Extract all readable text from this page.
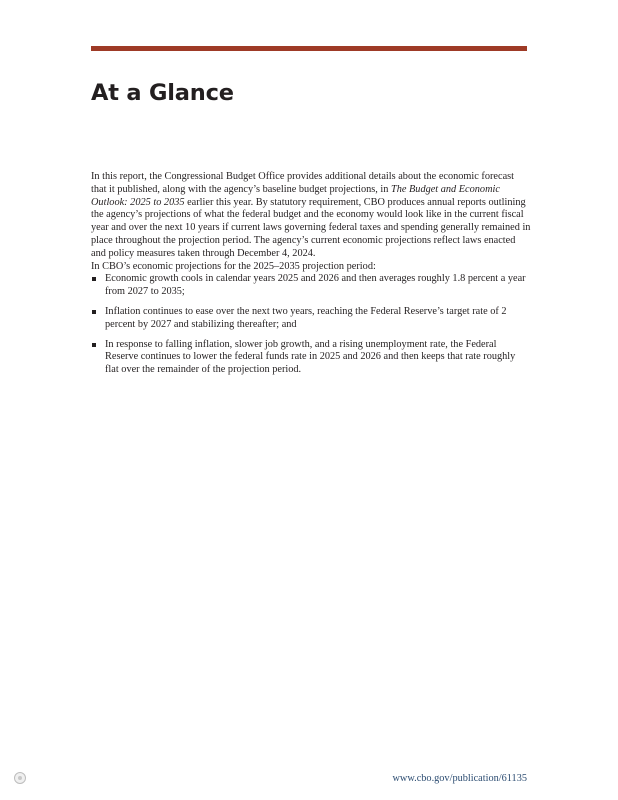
At a Glance

In this report, the Congressional Budget Office provides additional details about the economic forecast that it published, along with the agency’s baseline budget projections, in The Budget and Economic Outlook: 2025 to 2035 earlier this year. By statutory requirement, CBO produces annual reports outlining the agency’s projections of what the federal budget and the economy would look like in the current fiscal year and over the next 10 years if current laws governing federal taxes and spending generally remained in place throughout the projection period. The agency’s current economic projections reflect laws enacted and policy measures taken through December 4, 2024.

In CBO’s economic projections for the 2025–2035 projection period:

Economic growth cools in calendar years 2025 and 2026 and then averages roughly 1.8 percent a year from 2027 to 2035;
Inflation continues to ease over the next two years, reaching the Federal Reserve’s target rate of 2 percent by 2027 and stabilizing thereafter; and
In response to falling inflation, slower job growth, and a rising unemployment rate, the Federal Reserve continues to lower the federal funds rate in 2025 and 2026 and then keeps that rate roughly flat over the remainder of the projection period.
www.cbo.gov/publication/61135
